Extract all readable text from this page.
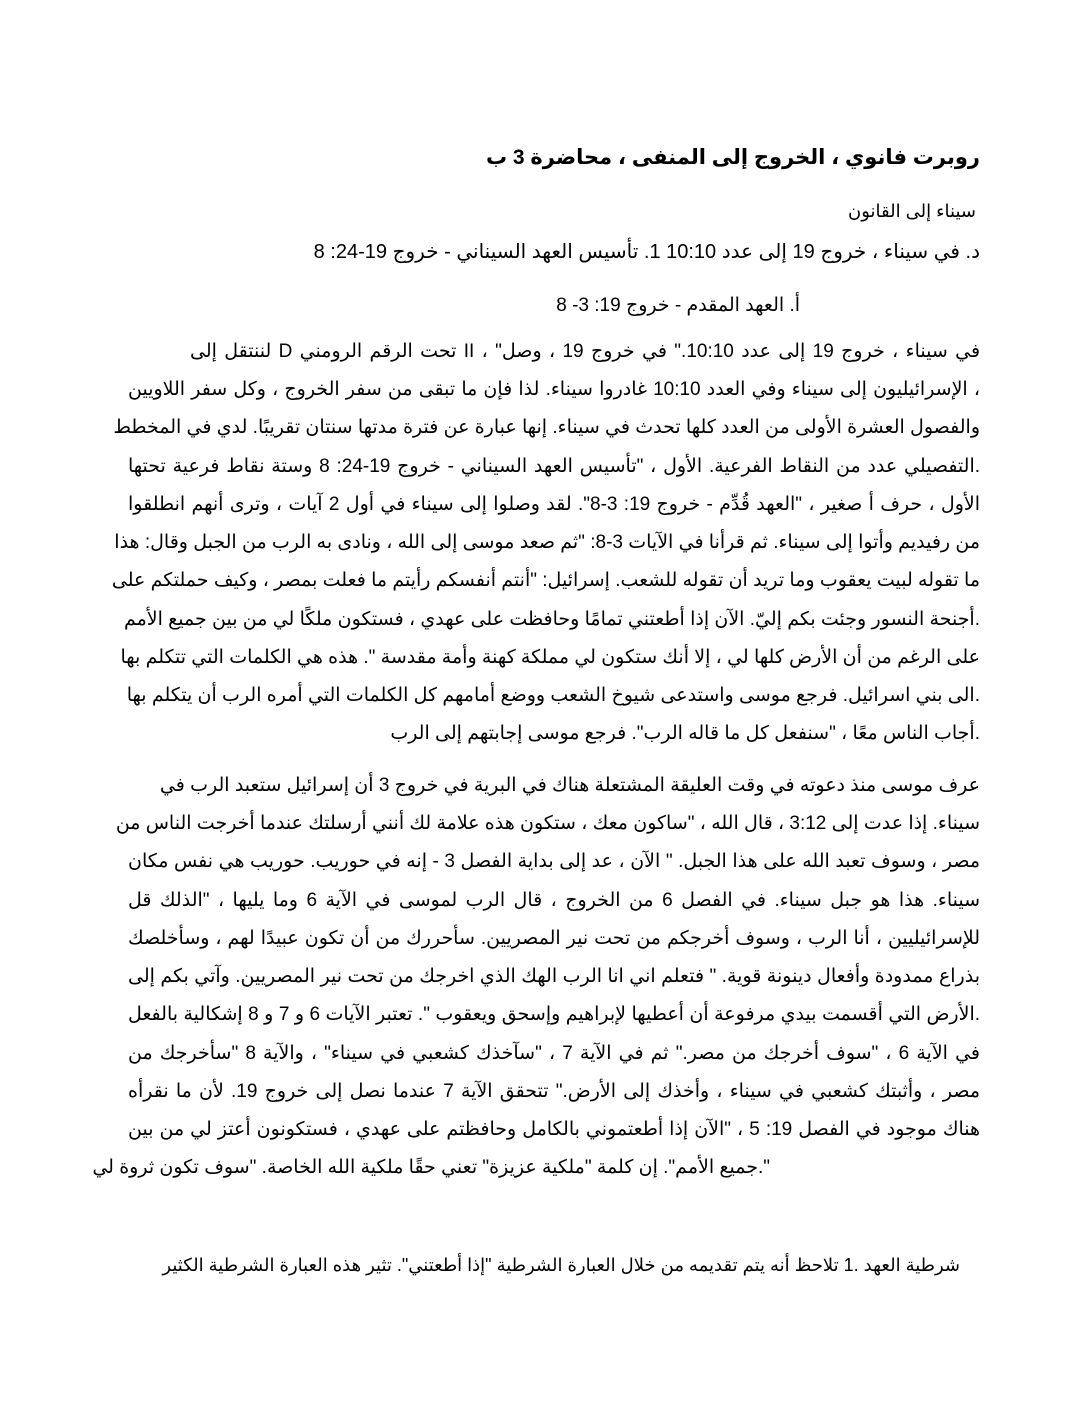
روبرت فانوي ، الخروج إلى المنفى ، محاضرة 3 ب
سيناء إلى القانون
د. في سيناء ، خروج 19 إلى عدد 10:10 1. تأسيس العهد السيناني - خروج 19-24: 8
أ. العهد المقدم - خروج 19: 3- 8
في سيناء ، خروج 19 إلى عدد 10:10." في خروج 19 ، وصل" ، II تحت الرقم الرومني D لننتقل إلى
، الإسرائيليون إلى سيناء وفي العدد 10:10 غادروا سيناء. لذا فإن ما تبقى من سفر الخروج ، وكل سفر اللاويين
والفصول العشرة الأولى من العدد كلها تحدث في سيناء. إنها عبارة عن فترة مدتها سنتان تقريبًا. لدي في المخطط
.التفصيلي عدد من النقاط الفرعية. الأول ، "تأسيس العهد السيناني - خروج 19-24: 8 وستة نقاط فرعية تحتها
الأول ، حرف أ صغير ، "العهد قُدِّم - خروج 19: 3-8". لقد وصلوا إلى سيناء في أول 2 آيات ، وترى أنهم انطلقوا
من رفيديم وأتوا إلى سيناء. ثم قرأنا في الآيات 3-8: "ثم صعد موسى إلى الله ، ونادى به الرب من الجبل وقال: هذا
ما تقوله لبيت يعقوب وما تريد أن تقوله للشعب. إسرائيل: "أنتم أنفسكم رأيتم ما فعلت بمصر ، وكيف حملتكم على
.أجنحة النسور وجئت بكم إليّ. الآن إذا أطعتني تمامًا وحافظت على عهدي ، فستكون ملكًا لي من بين جميع الأمم
على الرغم من أن الأرض كلها لي ، إلا أنك ستكون لي مملكة كهنة وأمة مقدسة ". هذه هي الكلمات التي تتكلم بها
.الى بني اسرائيل. فرجع موسى واستدعى شيوخ الشعب ووضع أمامهم كل الكلمات التي أمره الرب أن يتكلم بها
.أجاب الناس معًا ، "سنفعل كل ما قاله الرب". فرجع موسى إجابتهم إلى الرب
عرف موسى منذ دعوته في وقت العليقة المشتعلة هناك في البرية في خروج 3 أن إسرائيل ستعبد الرب في
سيناء. إذا عدت إلى 3:12 ، قال الله ، "ساكون معك ، ستكون هذه علامة لك أنني أرسلتك عندما أخرجت الناس من
مصر ، وسوف تعبد الله على هذا الجبل. " الآن ، عد إلى بداية الفصل 3 - إنه في حوريب. حوريب هي نفس مكان
سيناء. هذا هو جبل سيناء. في الفصل 6 من الخروج ، قال الرب لموسى في الآية 6 وما يليها ، "الذلك قل
للإسرائيليين ، أنا الرب ، وسوف أخرجكم من تحت نير المصريين. سأحررك من أن تكون عبيدًا لهم ، وسأخلصك
بذراع ممدودة وأفعال دينونة قوية. " فتعلم اني انا الرب الهك الذي اخرجك من تحت نير المصريين. وآتي بكم إلى
.الأرض التي أقسمت بيدي مرفوعة أن أعطيها لإبراهيم وإسحق ويعقوب ". تعتبر الآيات 6 و 7 و 8 إشكالية بالفعل
في الآية 6 ، "سوف أخرجك من مصر." ثم في الآية 7 ، "سآخذك كشعبي في سيناء" ، والآية 8 "سأخرجك من
مصر ، وأثبتك كشعبي في سيناء ، وأخذك إلى الأرض." تتحقق الآية 7 عندما نصل إلى خروج 19. لأن ما نقرأه
هناك موجود في الفصل 19: 5 ، "الآن إذا أطعتموني بالكامل وحافظتم على عهدي ، فستكونون أعتز لي من بين
".جميع الأمم". إن كلمة "ملكية عزيزة" تعني حقًا ملكية الله الخاصة. "سوف تكون ثروة لي
شرطية العهد .1 تلاحظ أنه يتم تقديمه من خلال العبارة الشرطية "إذا أطعتني". تثير هذه العبارة الشرطية الكثير
